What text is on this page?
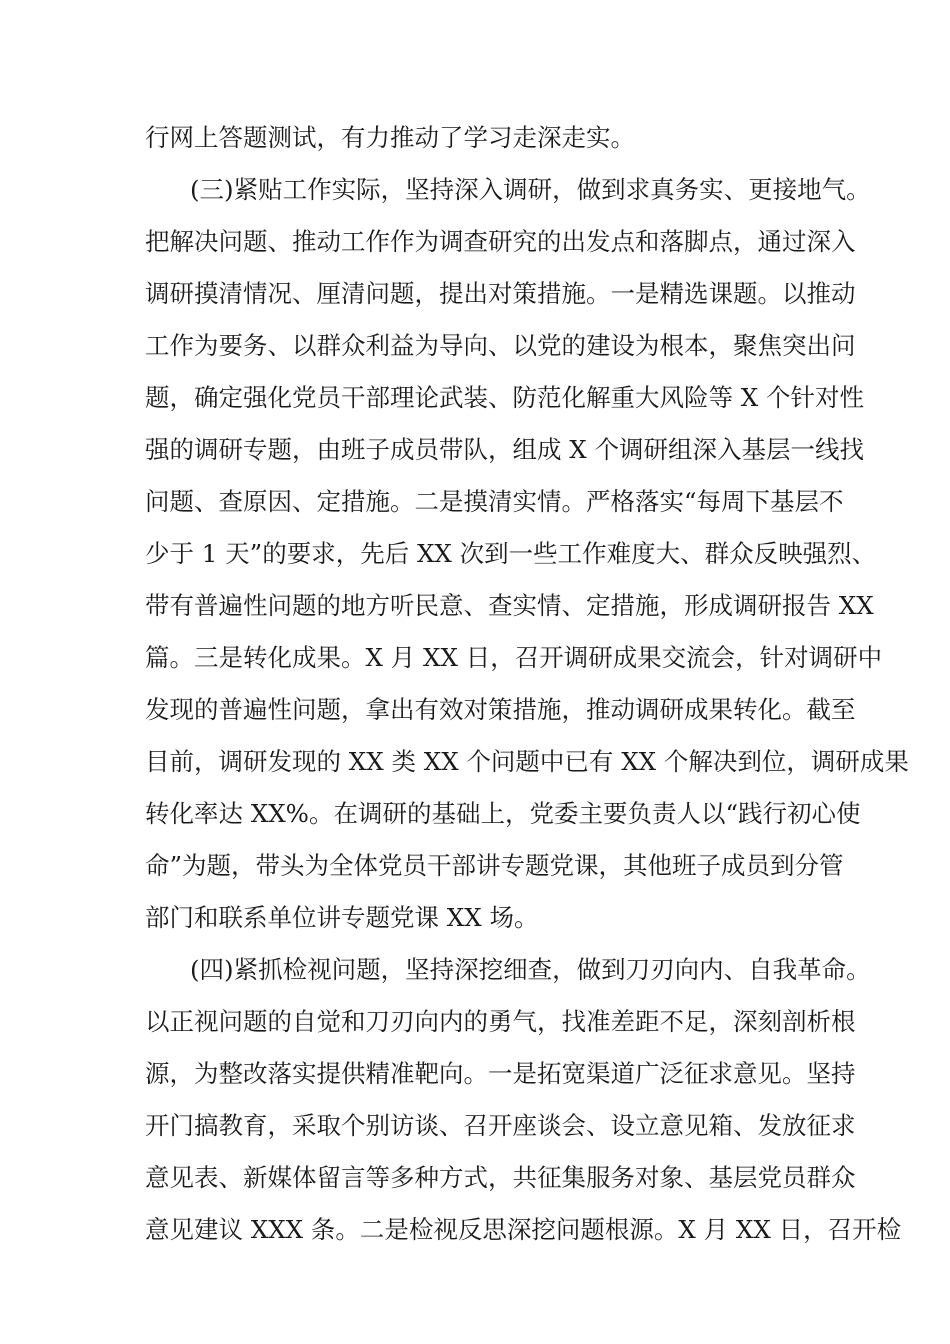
行网上答题测试，有力推动了学习走深走实。
(三)紧贴工作实际，坚持深入调研，做到求真务实、更接地气。
把解决问题、推动工作作为调查研究的出发点和落脚点，通过深入
调研摸清情况、厘清问题，提出对策措施。一是精选课题。以推动
工作为要务、以群众利益为导向、以党的建设为根本，聚焦突出问
题，确定强化党员干部理论武装、防范化解重大风险等 X 个针对性
强的调研专题，由班子成员带队，组成 X 个调研组深入基层一线找
问题、查原因、定措施。二是摸清实情。严格落实“每周下基层不
少于 1 天”的要求，先后 XX 次到一些工作难度大、群众反映强烈、
带有普遍性问题的地方听民意、查实情、定措施，形成调研报告 XX
篇。三是转化成果。X 月 XX 日，召开调研成果交流会，针对调研中
发现的普遍性问题，拿出有效对策措施，推动调研成果转化。截至
目前，调研发现的 XX 类 XX 个问题中已有 XX 个解决到位，调研成果
转化率达 XX%。在调研的基础上，党委主要负责人以“践行初心使
命”为题，带头为全体党员干部讲专题党课，其他班子成员到分管
部门和联系单位讲专题党课 XX 场。
(四)紧抓检视问题，坚持深挖细查，做到刀刃向内、自我革命。
以正视问题的自觉和刀刃向内的勇气，找准差距不足，深刻剖析根
源，为整改落实提供精准靶向。一是拓宽渠道广泛征求意见。坚持
开门搞教育，采取个别访谈、召开座谈会、设立意见箱、发放征求
意见表、新媒体留言等多种方式，共征集服务对象、基层党员群众
意见建议 XXX 条。二是检视反思深挖问题根源。X 月 XX 日，召开检
